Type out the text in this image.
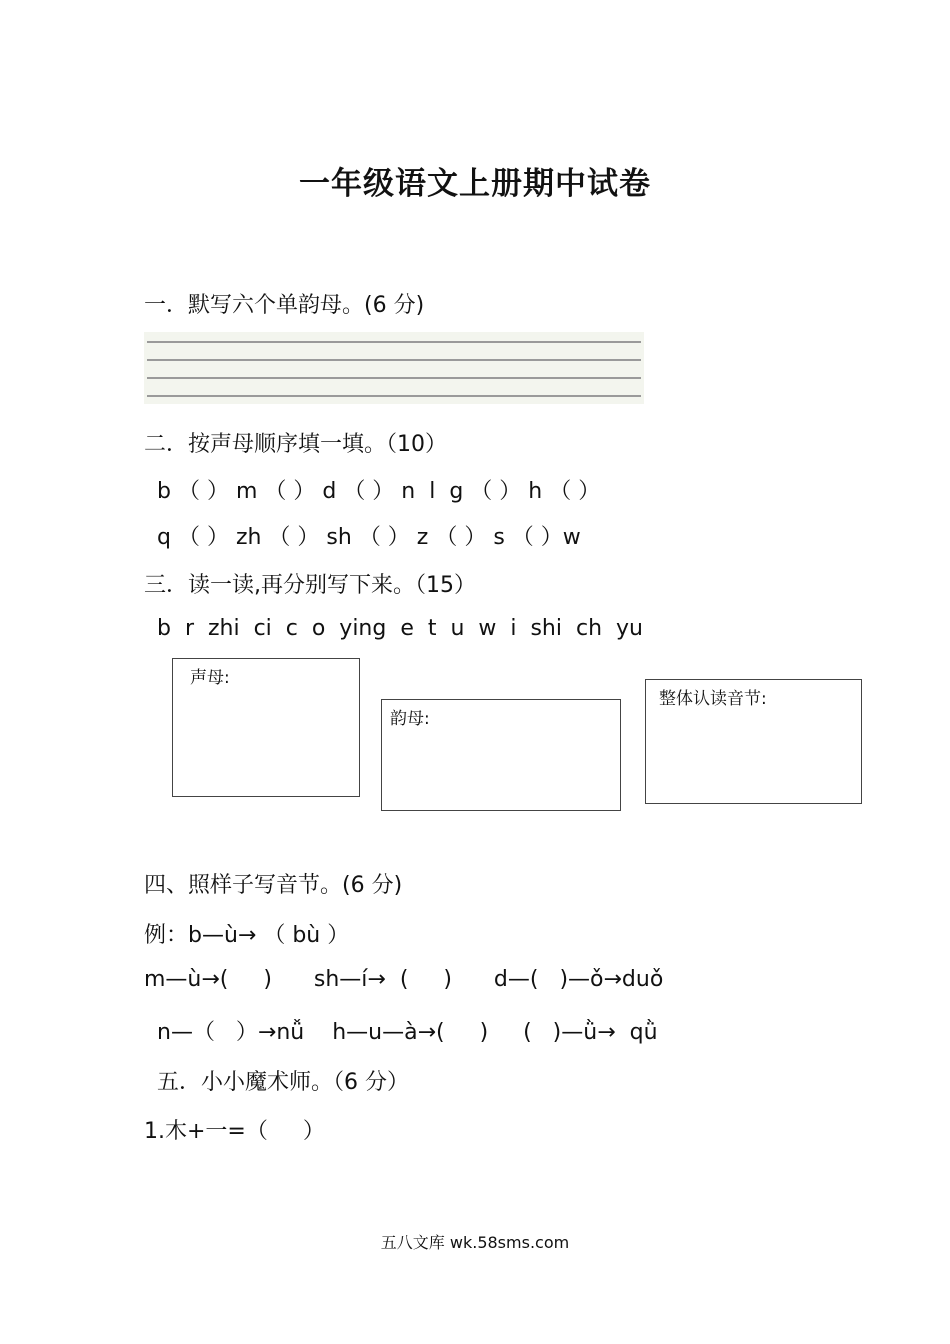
一年级语文上册期中试卷
一．默写六个单韵母。(6 分)

二．按声母顺序填一填。（10）
b （ ） m （ ） d （ ） n  l  g （ ） h （ ）
q （ ） zh （ ） sh （ ） z （ ） s （ ）w
三．读一读,再分别写下来。（15）
b  r  zhi  ci  c  o  ying  e  t  u  w  i  shi  ch  yu

声母:

韵母:

整体认读音节:

四、照样子写音节。(6 分)
例：b—ù→ （ bù ）
m—ù→(     )      sh—í→  (     )      d—(   )—ǒ→duǒ
n—（   ）→nǚ    h—u—à→(     )     (   )—ǜ→  qǜ
五．小小魔术师。（6 分）
1.木+一=（     ）
五八文库 wk.58sms.com
